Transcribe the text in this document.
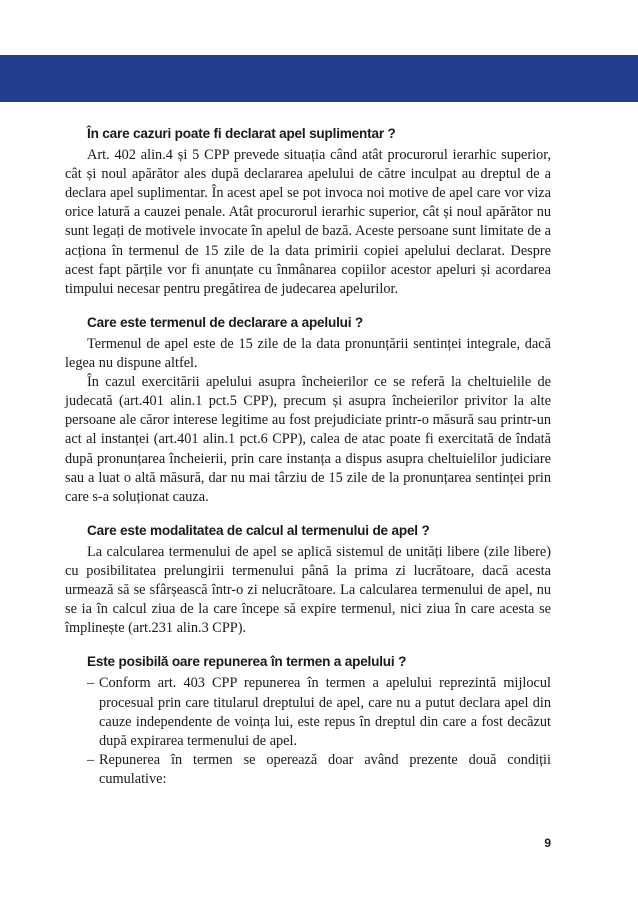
În care cazuri poate fi declarat apel suplimentar ?

Art. 402 alin.4 și 5 CPP prevede situația când atât procurorul ierarhic superior, cât și noul apărător ales după declararea apelului de către inculpat au dreptul de a declara apel suplimentar. În acest apel se pot invoca noi motive de apel care vor viza orice latură a cauzei penale. Atât procurorul ierarhic superior, cât și noul apărător nu sunt legați de motivele invocate în apelul de bază. Aceste persoane sunt limitate de a acționa în termenul de 15 zile de la data primirii copiei apelului declarat. Despre acest fapt părțile vor fi anunțate cu înmânarea copiilor acestor apeluri și acordarea timpului necesar pentru pregătirea de judecarea apelurilor.

Care este termenul de declarare a apelului ?

Termenul de apel este de 15 zile de la data pronunțării sentinței integrale, dacă legea nu dispune altfel.

În cazul exercitării apelului asupra încheierilor ce se referă la cheltuielile de judecată (art.401 alin.1 pct.5 CPP), precum și asupra încheierilor privitor la alte persoane ale căror interese legitime au fost prejudiciate printr-o măsură sau printr-un act al instanței (art.401 alin.1 pct.6 CPP), calea de atac poate fi exercitată de îndată după pronunțarea încheierii, prin care instanța a dispus asupra cheltuielilor judiciare sau a luat o altă măsură, dar nu mai târziu de 15 zile de la pronunțarea sentinței prin care s-a soluționat cauza.

Care este modalitatea de calcul al termenului de apel ?

La calcularea termenului de apel se aplică sistemul de unități libere (zile libere) cu posibilitatea prelungirii termenului până la prima zi lucrătoare, dacă acesta urmează să se sfârșească într-o zi nelucrătoare. La calcularea termenului de apel, nu se ia în calcul ziua de la care începe să expire termenul, nici ziua în care acesta se împlinește (art.231 alin.3 CPP).

Este posibilă oare repunerea în termen a apelului ?
– Conform art. 403 CPP repunerea în termen a apelului reprezintă mijlocul procesual prin care titularul dreptului de apel, care nu a putut declara apel din cauze independente de voința lui, este repus în dreptul din care a fost decăzut după expirarea termenului de apel.
– Repunerea în termen se operează doar având prezente două condiții cumulative:
9
